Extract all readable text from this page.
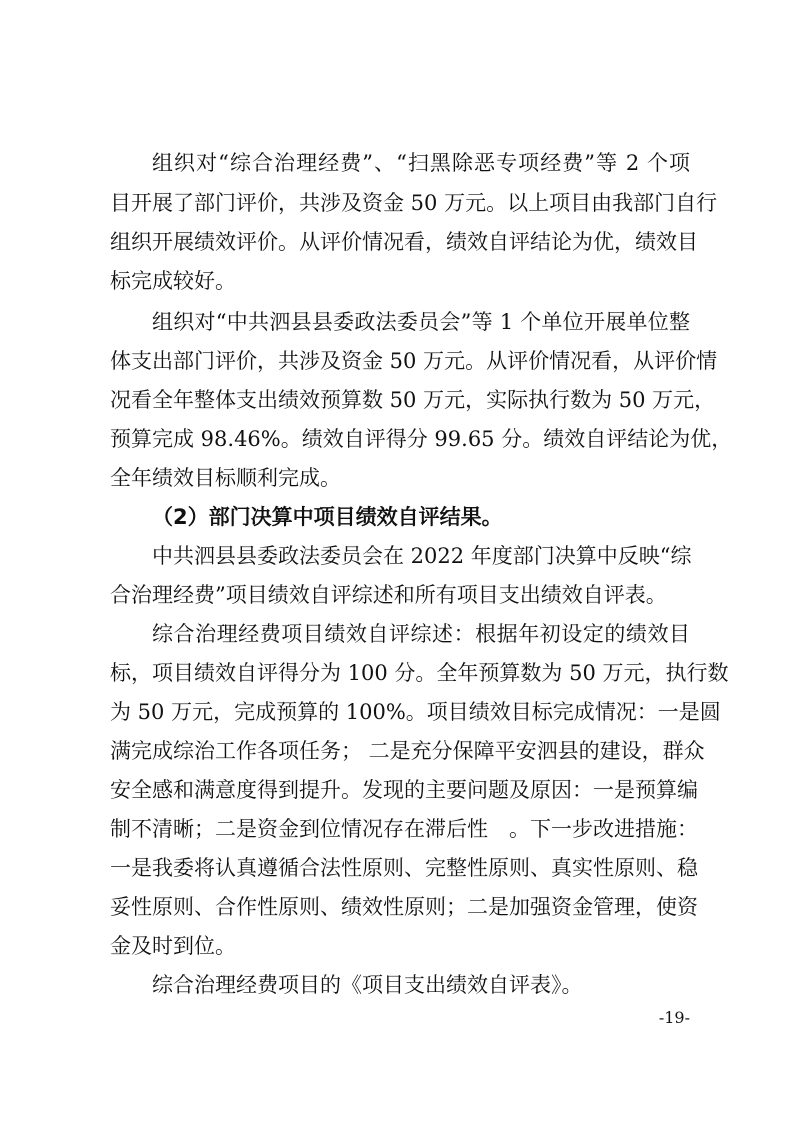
组织对“综合治理经费”、“扫黑除恶专项经费”等 2 个项
目开展了部门评价，共涉及资金 50 万元。以上项目由我部门自行
组织开展绩效评价。从评价情况看，绩效自评结论为优，绩效目
标完成较好。
组织对“中共泗县县委政法委员会”等 1 个单位开展单位整
体支出部门评价，共涉及资金 50 万元。从评价情况看，从评价情
况看全年整体支出绩效预算数 50 万元，实际执行数为 50 万元，
预算完成 98.46%。绩效自评得分 99.65 分。绩效自评结论为优，
全年绩效目标顺利完成。
（2）部门决算中项目绩效自评结果。
中共泗县县委政法委员会在 2022 年度部门决算中反映“综
合治理经费”项目绩效自评综述和所有项目支出绩效自评表。
综合治理经费项目绩效自评综述：根据年初设定的绩效目
标，项目绩效自评得分为 100 分。全年预算数为 50 万元，执行数
为 50 万元，完成预算的 100%。项目绩效目标完成情况：一是圆
满完成综治工作各项任务； 二是充分保障平安泗县的建设，群众
安全感和满意度得到提升。发现的主要问题及原因：一是预算编
制不清晰；二是资金到位情况存在滞后性　。下一步改进措施：
一是我委将认真遵循合法性原则、完整性原则、真实性原则、稳
妥性原则、合作性原则、绩效性原则；二是加强资金管理，使资
金及时到位。
综合治理经费项目的《项目支出绩效自评表》。
-19-
